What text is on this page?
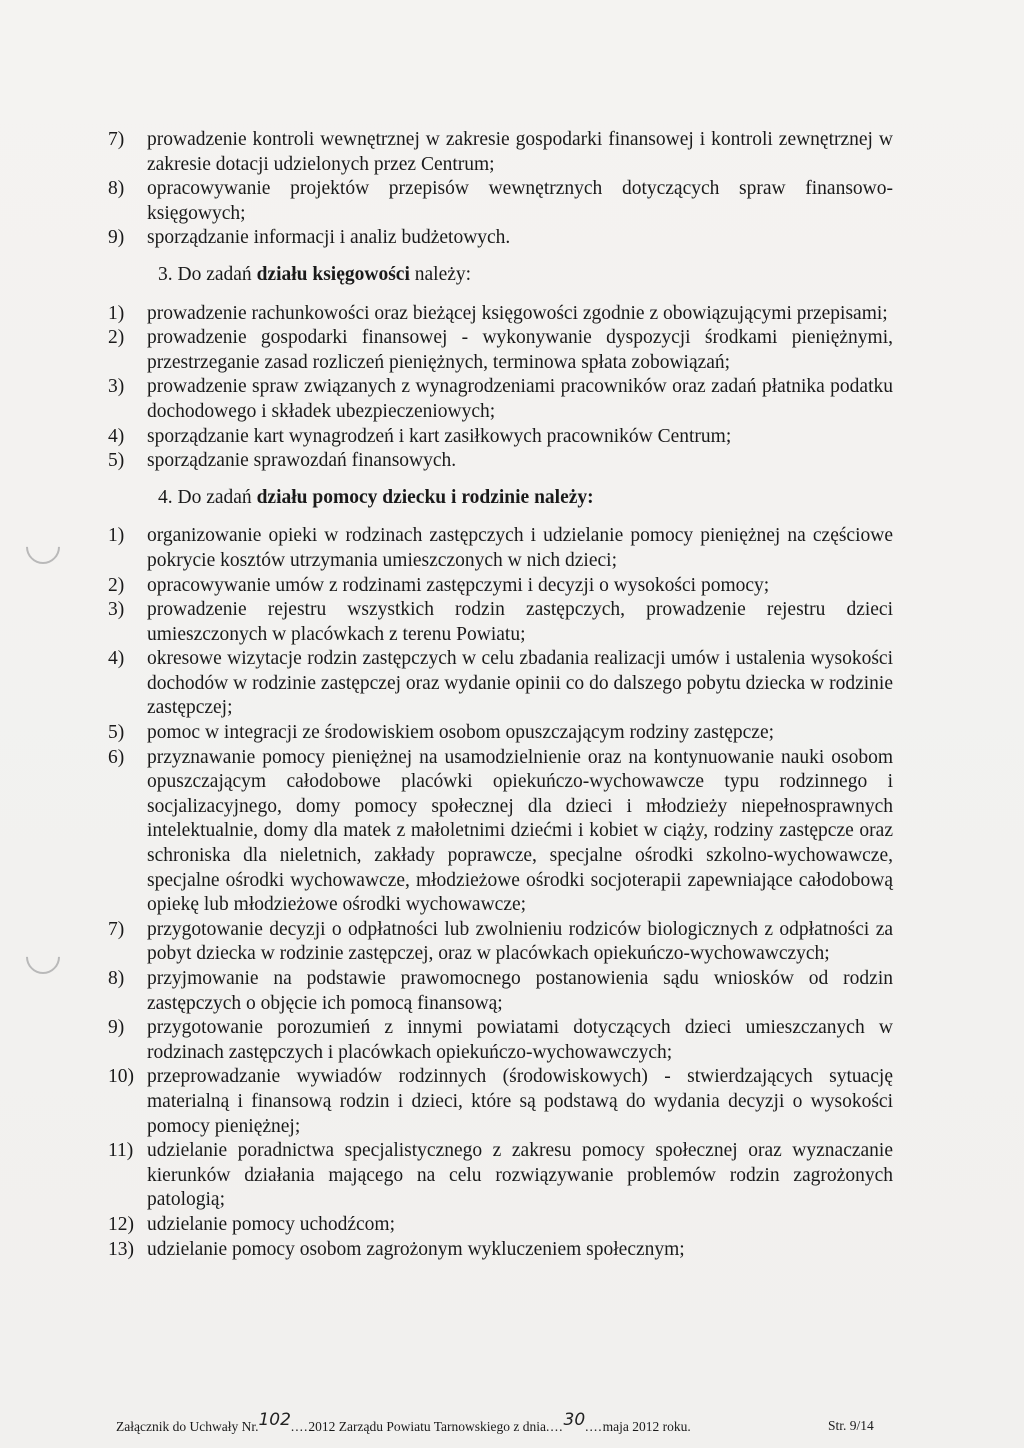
7) prowadzenie kontroli wewnętrznej w zakresie gospodarki finansowej i kontroli zewnętrznej w zakresie dotacji udzielonych przez Centrum;
8) opracowywanie projektów przepisów wewnętrznych dotyczących spraw finansowo-księgowych;
9) sporządzanie informacji i analiz budżetowych.
3. Do zadań działu księgowości należy:
1) prowadzenie rachunkowości oraz bieżącej księgowości zgodnie z obowiązującymi przepisami;
2) prowadzenie gospodarki finansowej - wykonywanie dyspozycji środkami pieniężnymi, przestrzeganie zasad rozliczeń pieniężnych, terminowa spłata zobowiązań;
3) prowadzenie spraw związanych z wynagrodzeniami pracowników oraz zadań płatnika podatku dochodowego i składek ubezpieczeniowych;
4) sporządzanie kart wynagrodzeń i kart zasiłkowych pracowników Centrum;
5) sporządzanie sprawozdań finansowych.
4. Do zadań działu pomocy dziecku i rodzinie należy:
1) organizowanie opieki w rodzinach zastępczych i udzielanie pomocy pieniężnej na częściowe pokrycie kosztów utrzymania umieszczonych w nich dzieci;
2) opracowywanie umów z rodzinami zastępczymi i decyzji o wysokości pomocy;
3) prowadzenie rejestru wszystkich rodzin zastępczych, prowadzenie rejestru dzieci umieszczonych w placówkach z terenu Powiatu;
4) okresowe wizytacje rodzin zastępczych w celu zbadania realizacji umów i ustalenia wysokości dochodów w rodzinie zastępczej oraz wydanie opinii co do dalszego pobytu dziecka w rodzinie zastępczej;
5) pomoc w integracji ze środowiskiem osobom opuszczającym rodziny zastępcze;
6) przyznawanie pomocy pieniężnej na usamodzielnienie oraz na kontynuowanie nauki osobom opuszczającym całodobowe placówki opiekuńczo-wychowawcze typu rodzinnego i socjalizacyjnego, domy pomocy społecznej dla dzieci i młodzieży niepełnosprawnych intelektualnie, domy dla matek z małoletnimi dziećmi i kobiet w ciąży, rodziny zastępcze oraz schroniska dla nieletnich, zakłady poprawcze, specjalne ośrodki szkolno-wychowawcze, specjalne ośrodki wychowawcze, młodzieżowe ośrodki socjoterapii zapewniające całodobową opiekę lub młodzieżowe ośrodki wychowawcze;
7) przygotowanie decyzji o odpłatności lub zwolnieniu rodziców biologicznych z odpłatności za pobyt dziecka w rodzinie zastępczej, oraz w placówkach opiekuńczo-wychowawczych;
8) przyjmowanie na podstawie prawomocnego postanowienia sądu wniosków od rodzin zastępczych o objęcie ich pomocą finansową;
9) przygotowanie porozumień z innymi powiatami dotyczących dzieci umieszczanych w rodzinach zastępczych i placówkach opiekuńczo-wychowawczych;
10) przeprowadzanie wywiadów rodzinnych (środowiskowych) - stwierdzających sytuację materialną i finansową rodzin i dzieci, które są podstawą do wydania decyzji o wysokości pomocy pieniężnej;
11) udzielanie poradnictwa specjalistycznego z zakresu pomocy społecznej oraz wyznaczanie kierunków działania mającego na celu rozwiązywanie problemów rodzin zagrożonych patologią;
12) udzielanie pomocy uchodźcom;
13) udzielanie pomocy osobom zagrożonym wykluczeniem społecznym;
Załącznik do Uchwały Nr.102....2012 Zarządu Powiatu Tarnowskiego z dnia....30....maja 2012 roku.	Str. 9/14
